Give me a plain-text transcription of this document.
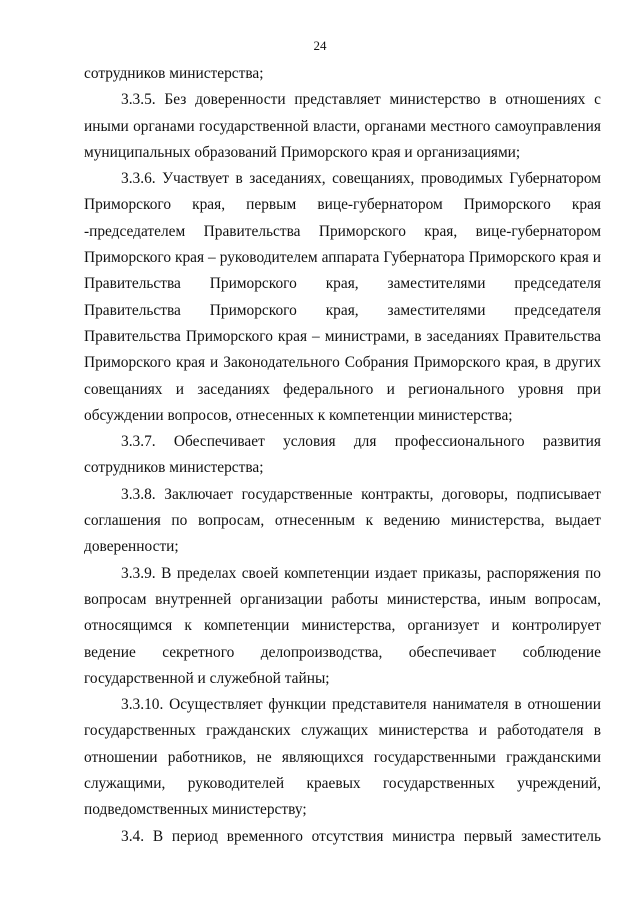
24

сотрудников министерства;

3.3.5. Без доверенности представляет министерство в отношениях с иными органами государственной власти, органами местного самоуправления муниципальных образований Приморского края и организациями;

3.3.6. Участвует в заседаниях, совещаниях, проводимых Губернатором Приморского края, первым вице-губернатором Приморского края -председателем Правительства Приморского края, вице-губернатором Приморского края – руководителем аппарата Губернатора Приморского края и Правительства Приморского края, заместителями председателя Правительства Приморского края, заместителями председателя Правительства Приморского края – министрами, в заседаниях Правительства Приморского края и Законодательного Собрания Приморского края, в других совещаниях и заседаниях федерального и регионального уровня при обсуждении вопросов, отнесенных к компетенции министерства;

3.3.7. Обеспечивает условия для профессионального развития сотрудников министерства;

3.3.8. Заключает государственные контракты, договоры, подписывает соглашения по вопросам, отнесенным к ведению министерства, выдает доверенности;

3.3.9. В пределах своей компетенции издает приказы, распоряжения по вопросам внутренней организации работы министерства, иным вопросам, относящимся к компетенции министерства, организует и контролирует ведение секретного делопроизводства, обеспечивает соблюдение государственной и служебной тайны;

3.3.10. Осуществляет функции представителя нанимателя в отношении государственных гражданских служащих министерства и работодателя в отношении работников, не являющихся государственными гражданскими служащими, руководителей краевых государственных учреждений, подведомственных министерству;

3.4. В период временного отсутствия министра первый заместитель
